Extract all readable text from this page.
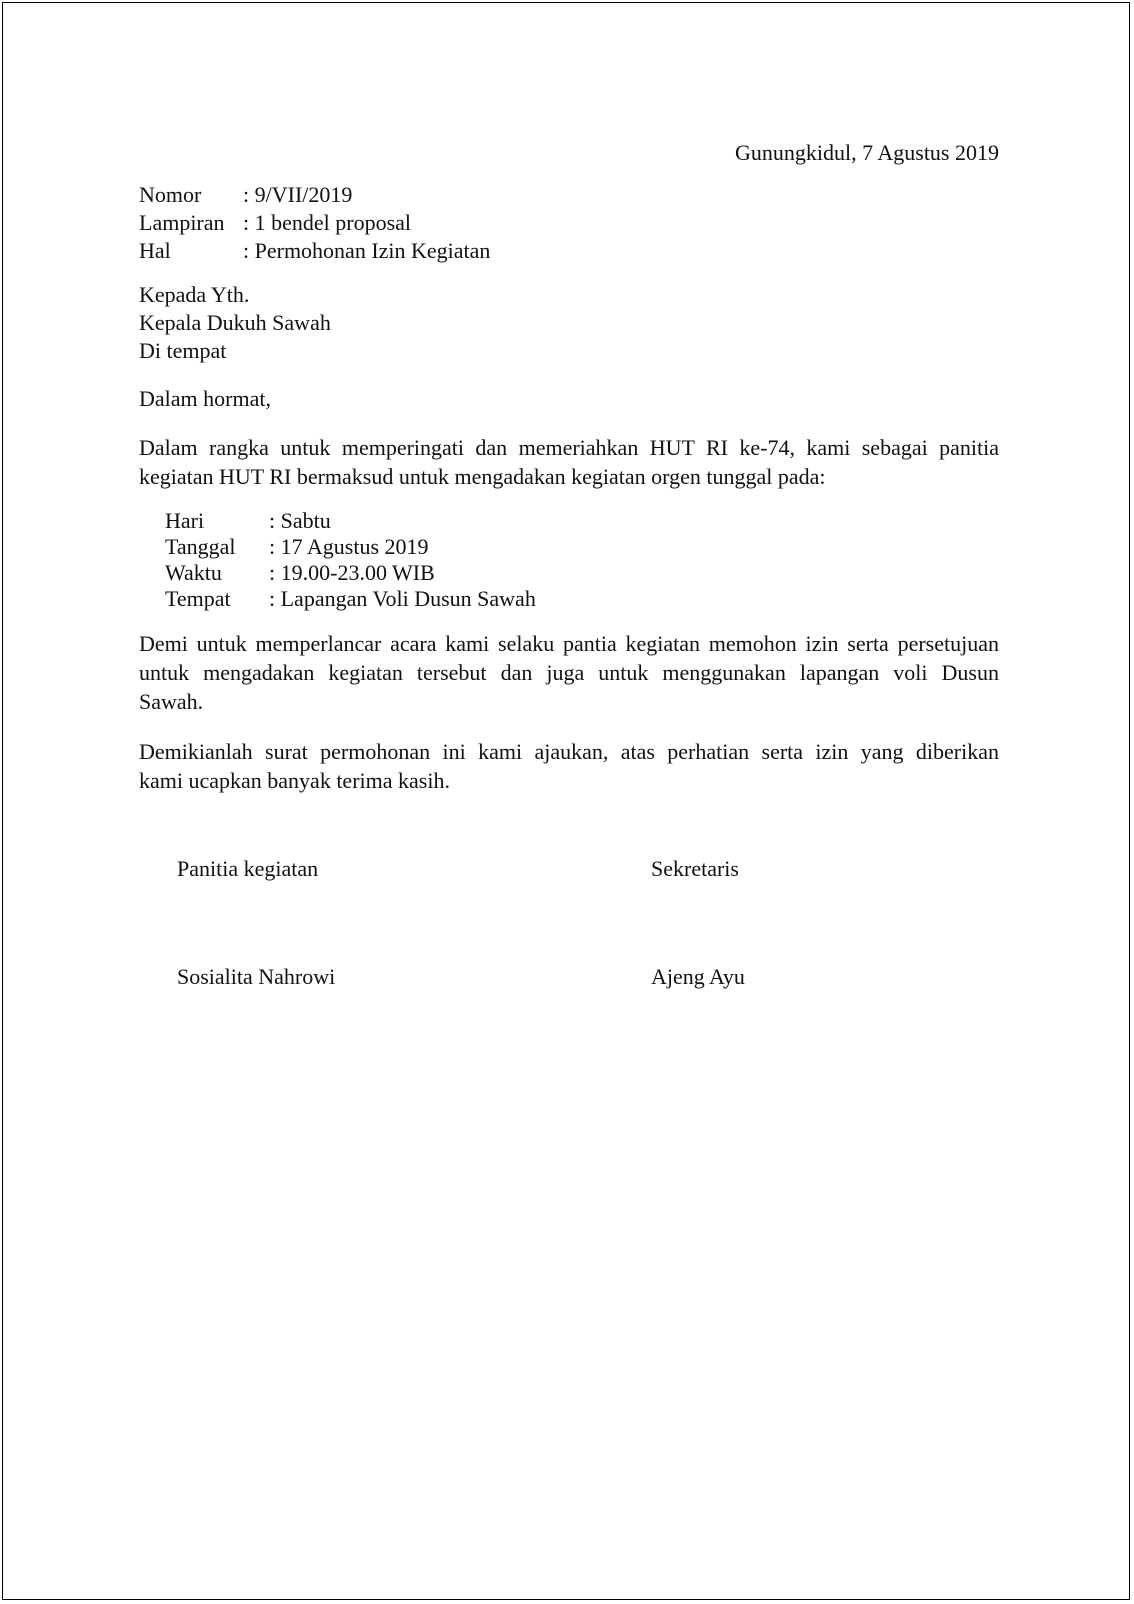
Gunungkidul, 7 Agustus 2019
Nomor : 9/VII/2019
Lampiran : 1 bendel proposal
Hal	: Permohonan Izin Kegiatan
Kepada Yth.
Kepala Dukuh Sawah
Di tempat
Dalam hormat,
Dalam rangka untuk memperingati dan memeriahkan HUT RI ke-74, kami sebagai panitia
kegiatan HUT RI bermaksud untuk mengadakan kegiatan orgen tunggal pada:
Hari	: Sabtu
Tanggal : 17 Agustus 2019
Waktu : 19.00-23.00 WIB
Tempat : Lapangan Voli Dusun Sawah
Demi untuk memperlancar acara kami selaku pantia kegiatan memohon izin serta persetujuan
untuk mengadakan kegiatan tersebut dan juga untuk menggunakan lapangan voli Dusun
Sawah.
Demikianlah surat permohonan ini kami ajaukan, atas perhatian serta izin yang diberikan
kami ucapkan banyak terima kasih.
Panitia kegiatan	Sekretaris
Sosialita Nahrowi	Ajeng Ayu
